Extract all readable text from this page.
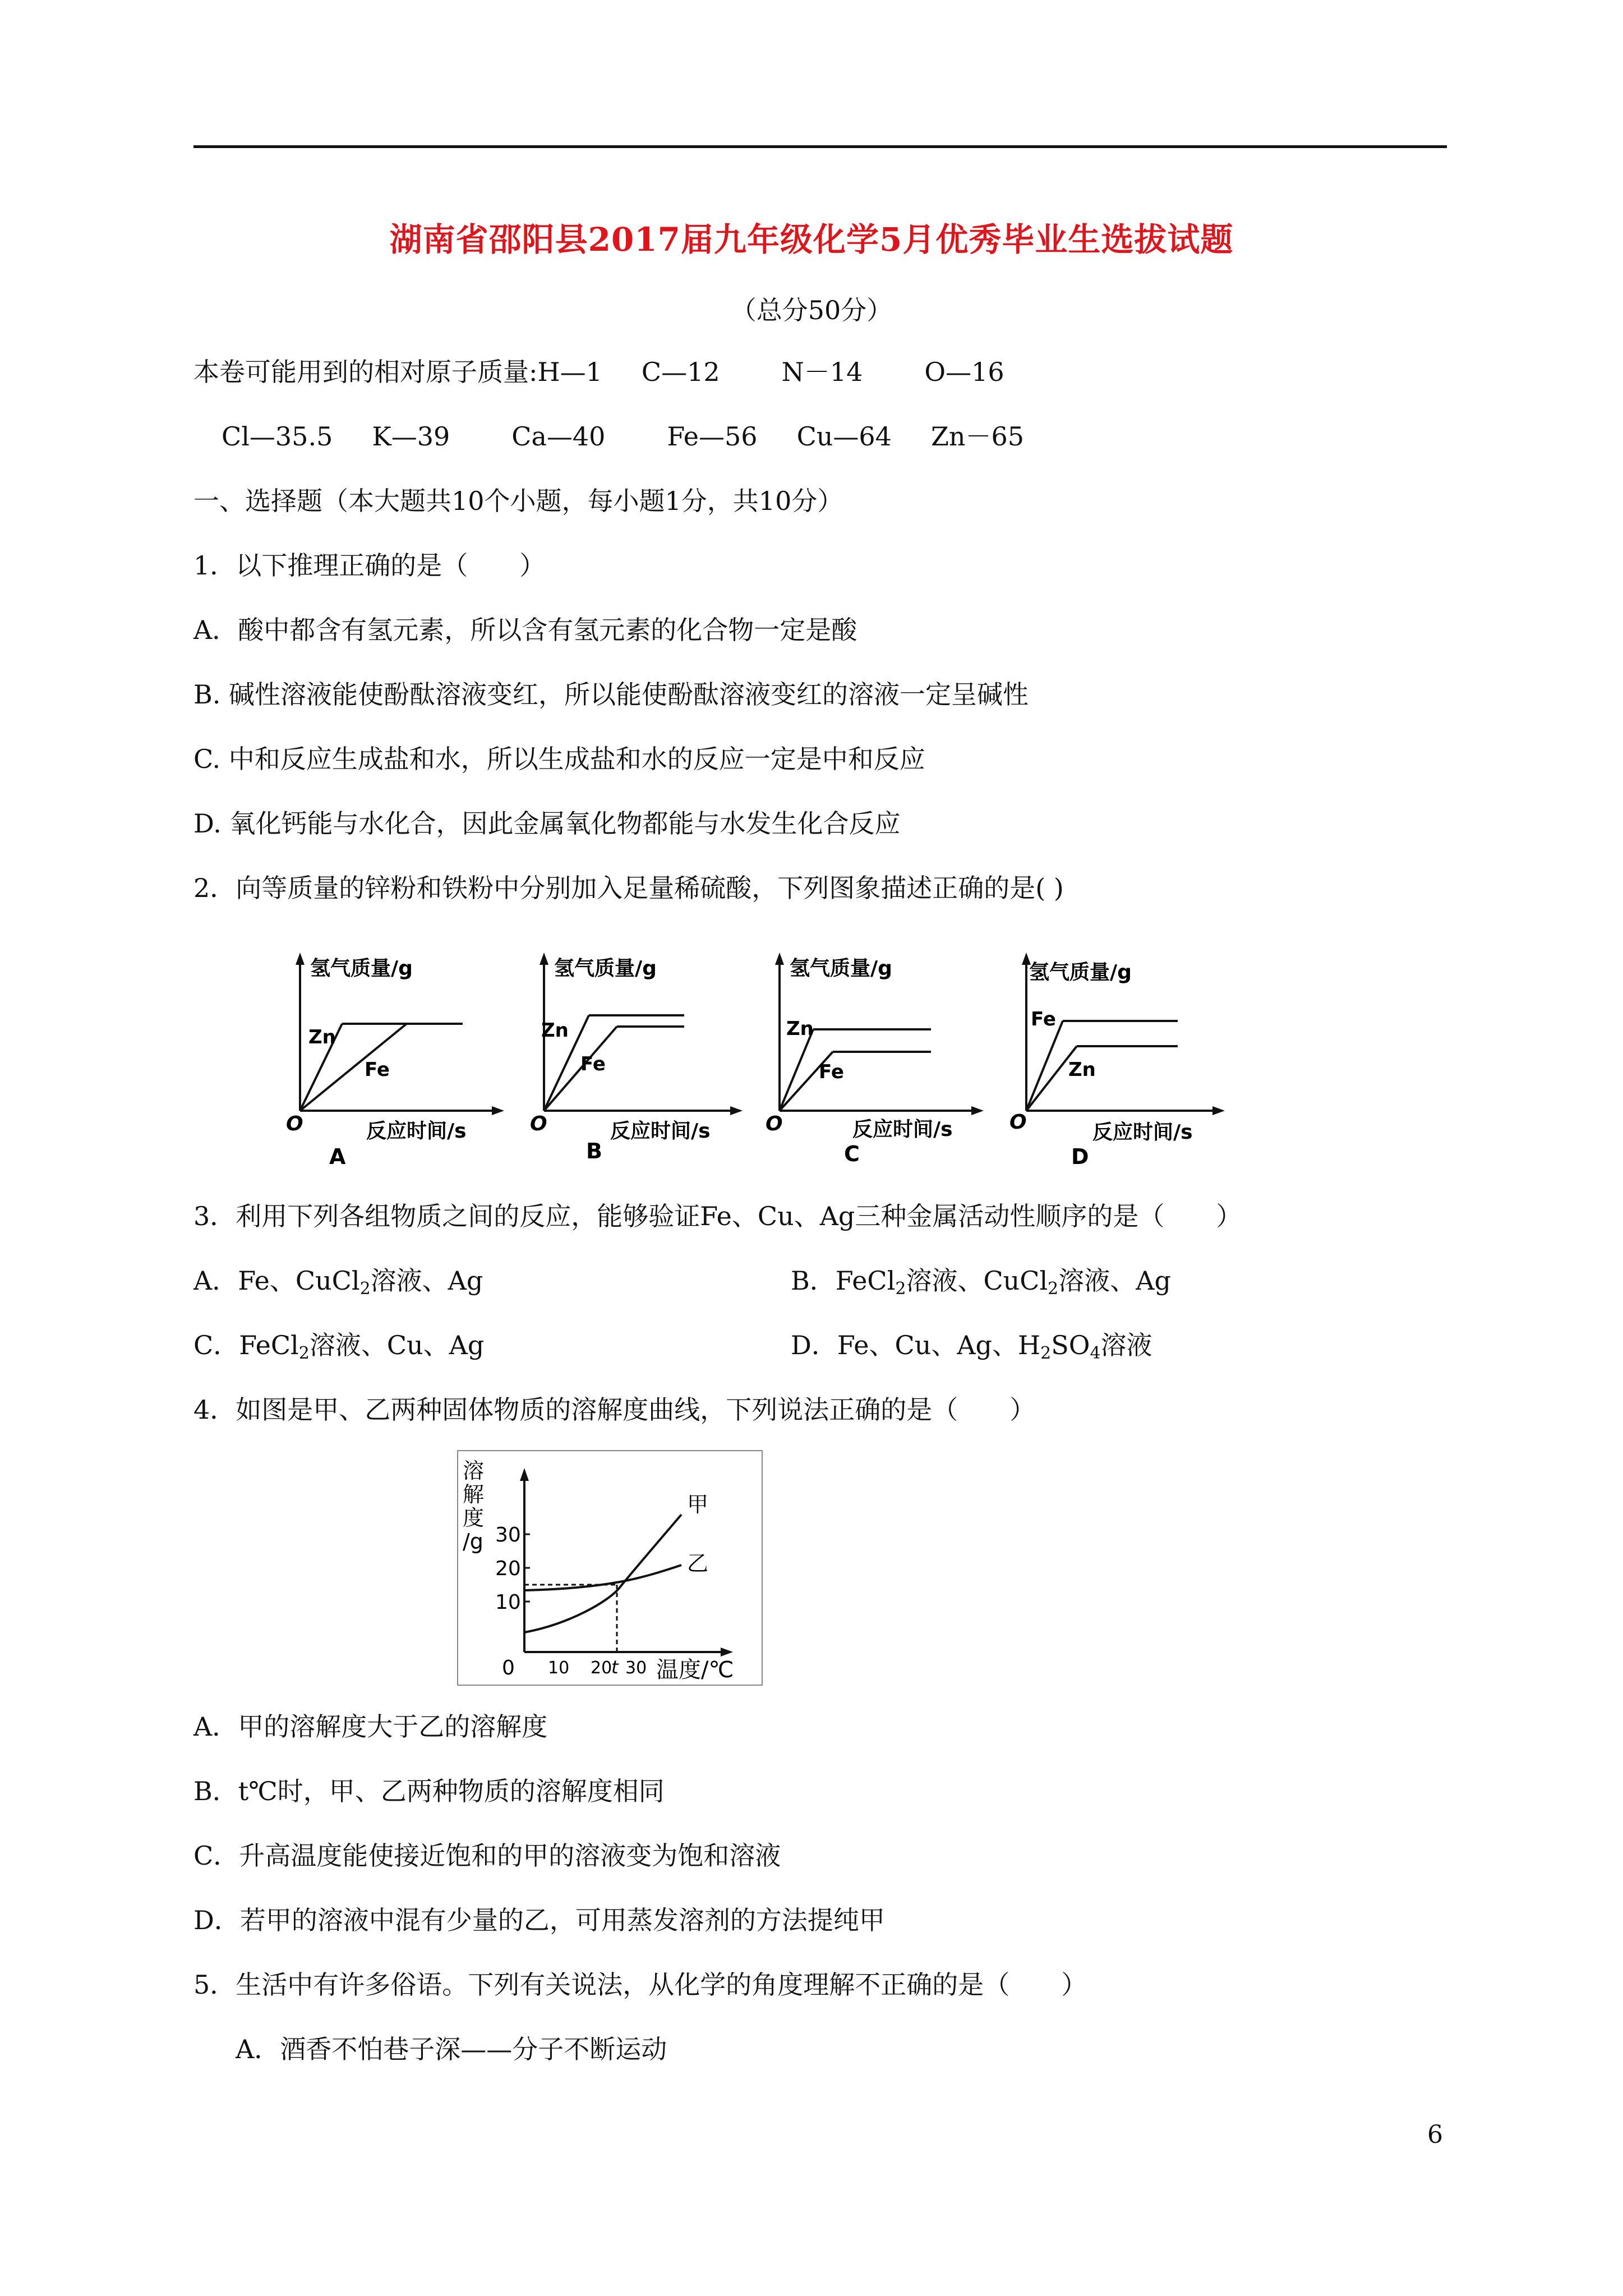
湖南省邵阳县2017届九年级化学5月优秀毕业生选拔试题
（总分50分）
本卷可能用到的相对原子质量:H—1 C—12 N－14 O—16
Cl—35.5 K—39 Ca—40 Fe—56 Cu—64 Zn－65
一、选择题（本大题共10个小题，每小题1分，共10分）
1．以下推理正确的是（　　）
A．酸中都含有氢元素，所以含有氢元素的化合物一定是酸
B. 碱性溶液能使酚酞溶液变红，所以能使酚酞溶液变红的溶液一定呈碱性
C. 中和反应生成盐和水，所以生成盐和水的反应一定是中和反应
D. 氧化钙能与水化合，因此金属氧化物都能与水发生化合反应
2．向等质量的锌粉和铁粉中分别加入足量稀硫酸，下列图象描述正确的是( )
氢气质量/g
O	反应时间/s
Zn
Fe
A
氢气质量/g
O	反应时间/s
Zn
Fe
B
氢气质量/g
O	反应时间/s
Zn
Fe
C
氢气质量/g
O	反应时间/s
Fe
Zn
D
3．利用下列各组物质之间的反应，能够验证Fe、Cu、Ag三种金属活动性顺序的是（　　）
A．Fe、CuCl$_2$溶液、Ag	B．FeCl$_2$溶液、CuCl$_2$溶液、Ag
C．FeCl$_2$溶液、Cu、Ag	D．Fe、Cu、Ag、$H_2SO_4$溶液
4．如图是甲、乙两种固体物质的溶解度曲线，下列说法正确的是（　　）
溶
解
度
/g 30
20
10
0 10 20
t 30 温度/℃
甲
乙
A．甲的溶解度大于乙的溶解度
B．t℃时，甲、乙两种物质的溶解度相同
C．升高温度能使接近饱和的甲的溶液变为饱和溶液
D．若甲的溶液中混有少量的乙，可用蒸发溶剂的方法提纯甲
5．生活中有许多俗语。下列有关说法，从化学的角度理解不正确的是（　　）
A．酒香不怕巷子深——分子不断运动
6
